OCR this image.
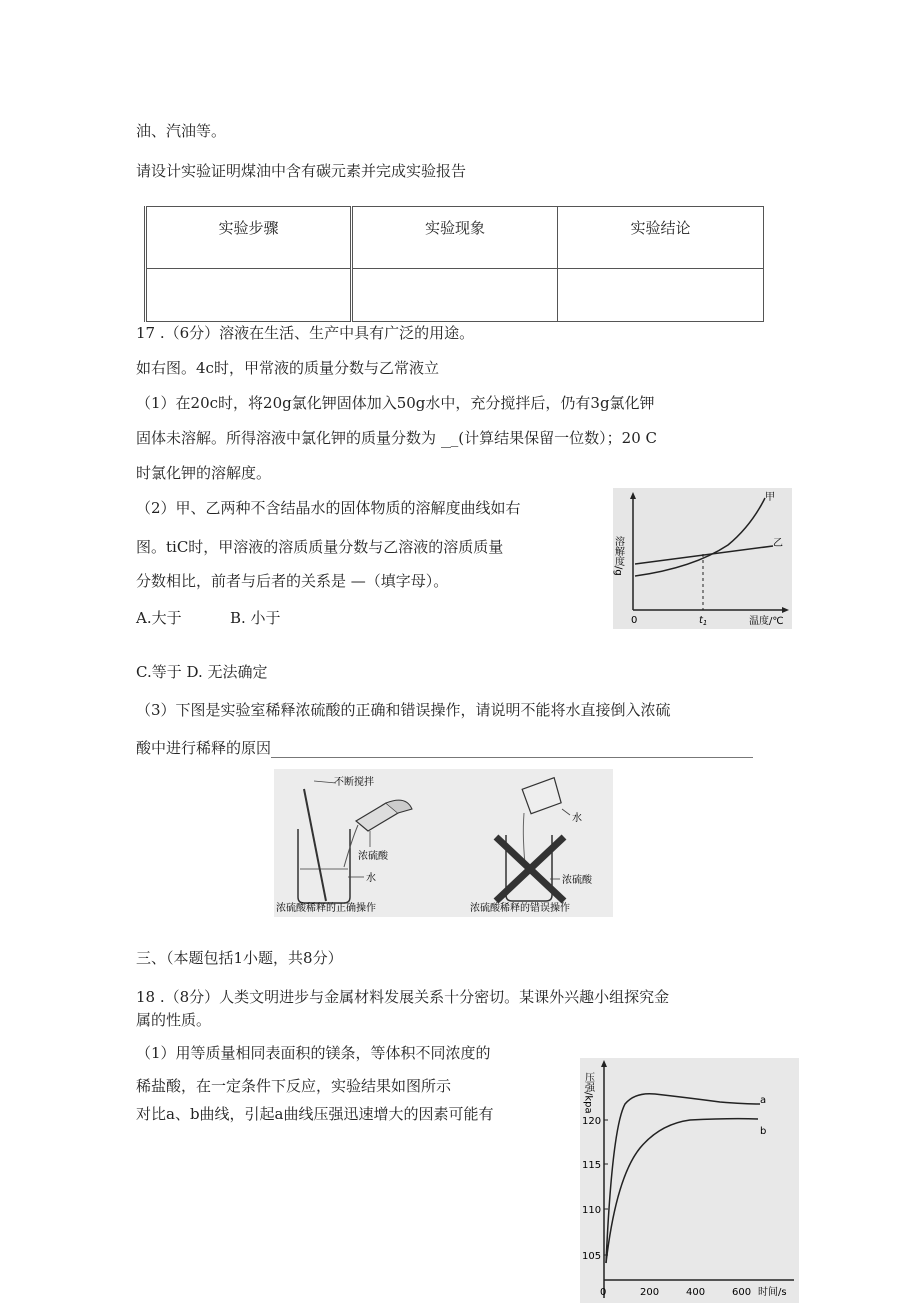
油、汽油等。
请设计实验证明煤油中含有碳元素并完成实验报告
实验步骤	实验现象	实验结论

17 .（6分）溶液在生活、生产中具有广泛的用途。
如右图。4c时，甲常液的质量分数与乙常液立
（1）在20c时，将20g氯化钾固体加入50g水中，充分搅拌后，仍有3g氯化钾
固体未溶解。所得溶液中氯化钾的质量分数为 _(计算结果保留一位数）；20 C
时氯化钾的溶解度。
（2）甲、乙两种不含结晶水的固体物质的溶解度曲线如右
图。tiC时，甲溶液的溶质质量分数与乙溶液的溶质质量
分数相比，前者与后者的关系是 —（填字母）。
A.大于	B. 小于
C.等于 D. 无法确定
（3）下图是实验室稀释浓硫酸的正确和错误操作，请说明不能将水直接倒入浓硫
酸中进行稀释的原因
三、（本题包括1小题，共8分）
18 .（8分）人类文明进步与金属材料发展关系十分密切。某课外兴趣小组探究金
属的性质。
（1）用等质量相同表面积的镁条，等体积不同浓度的
稀盐酸，在一定条件下反应，实验结果如图所示
对比a、b曲线，引起a曲线压强迅速增大的因素可能有
溶解度/g
温度/℃
0	$t_1$
甲
乙
不断搅拌
浓硫酸
水
浓硫酸稀释的正确操作
水
浓硫酸
浓硫酸稀释的错误操作
105
110
115
120
0	200	400	600 时间/s
压强/kpa	a
b
